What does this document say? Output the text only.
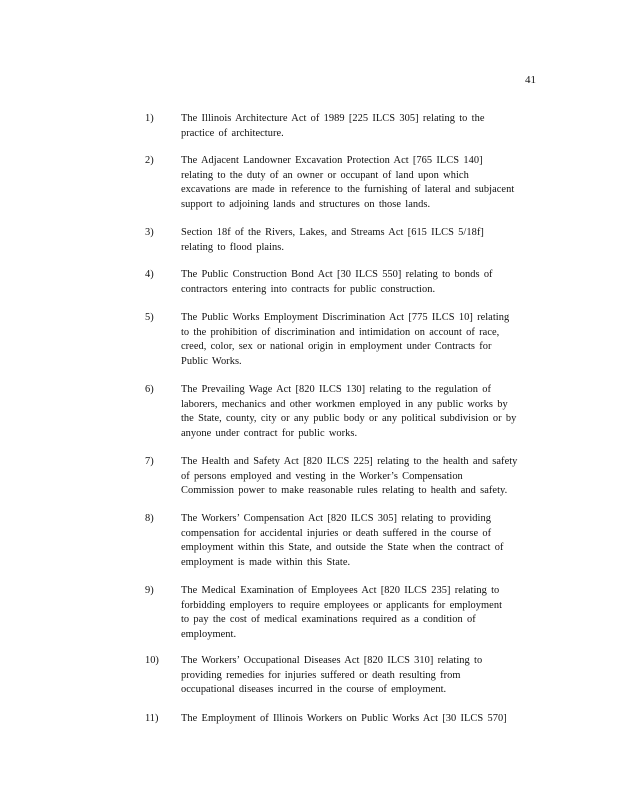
41
1)	The Illinois Architecture Act of 1989 [225 ILCS 305] relating to the
practice of architecture.
2)	The Adjacent Landowner Excavation Protection Act [765 ILCS 140]
relating to the duty of an owner or occupant of land upon which
excavations are made in reference to the furnishing of lateral and subjacent
support to adjoining lands and structures on those lands.
3)	Section 18f of the Rivers, Lakes, and Streams Act [615 ILCS 5/18f]
relating to flood plains.
4)	The Public Construction Bond Act [30 ILCS 550] relating to bonds of
contractors entering into contracts for public construction.
5)	The Public Works Employment Discrimination Act [775 ILCS 10] relating
to the prohibition of discrimination and intimidation on account of race,
creed, color, sex or national origin in employment under Contracts for
Public Works.
6)	The Prevailing Wage Act [820 ILCS 130] relating to the regulation of
laborers, mechanics and other workmen employed in any public works by
the State, county, city or any public body or any political subdivision or by
anyone under contract for public works.
7)	The Health and Safety Act [820 ILCS 225] relating to the health and safety
of persons employed and vesting in the Worker’s Compensation
Commission power to make reasonable rules relating to health and safety.
8)	The Workers’ Compensation Act [820 ILCS 305] relating to providing
compensation for accidental injuries or death suffered in the course of
employment within this State, and outside the State when the contract of
employment is made within this State.
9)	The Medical Examination of Employees Act [820 ILCS 235] relating to
forbidding employers to require employees or applicants for employment
to pay the cost of medical examinations required as a condition of
employment.
10) The Workers’ Occupational Diseases Act [820 ILCS 310] relating to
providing remedies for injuries suffered or death resulting from
occupational diseases incurred in the course of employment.
11) The Employment of Illinois Workers on Public Works Act [30 ILCS 570]
